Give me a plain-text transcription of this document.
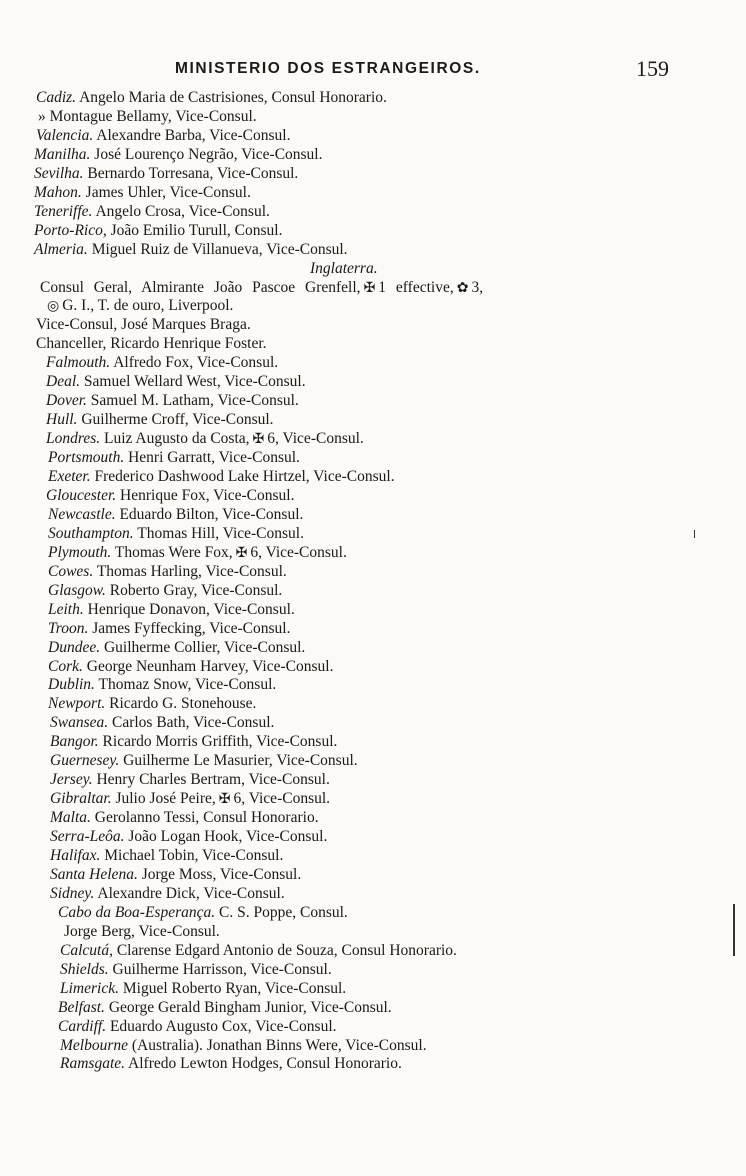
MINISTERIO DOS ESTRANGEIROS.	159
Cadiz. Angelo Maria de Castrisiones, Consul Honorario.
» Montague Bellamy, Vice-Consul.
Valencia. Alexandre Barba, Vice-Consul.
Manilha. José Lourenço Negrão, Vice-Consul.
Sevilha. Bernardo Torresana, Vice-Consul.
Mahon. James Uhler, Vice-Consul.
Teneriffe. Angelo Crosa, Vice-Consul.
Porto-Rico, João Emilio Turull, Consul.
Almeria. Miguel Ruiz de Villanueva, Vice-Consul.
Inglaterra.
Consul Geral, Almirante João Pascoe Grenfell, ✠ 1 effective, ✿ 3,
◎ G. I., T. de ouro, Liverpool.
Vice-Consul, José Marques Braga.
Chanceller, Ricardo Henrique Foster.
Falmouth. Alfredo Fox, Vice-Consul.
Deal. Samuel Wellard West, Vice-Consul.
Dover. Samuel M. Latham, Vice-Consul.
Hull. Guilherme Croff, Vice-Consul.
Londres. Luiz Augusto da Costa, ✠ 6, Vice-Consul.
Portsmouth. Henri Garratt, Vice-Consul.
Exeter. Frederico Dashwood Lake Hirtzel, Vice-Consul.
Gloucester. Henrique Fox, Vice-Consul.
Newcastle. Eduardo Bilton, Vice-Consul.
Southampton. Thomas Hill, Vice-Consul.
Plymouth. Thomas Were Fox, ✠ 6, Vice-Consul.
Cowes. Thomas Harling, Vice-Consul.
Glasgow. Roberto Gray, Vice-Consul.
Leith. Henrique Donavon, Vice-Consul.
Troon. James Fyffecking, Vice-Consul.
Dundee. Guilherme Collier, Vice-Consul.
Cork. George Neunham Harvey, Vice-Consul.
Dublin. Thomaz Snow, Vice-Consul.
Newport. Ricardo G. Stonehouse.
Swansea. Carlos Bath, Vice-Consul.
Bangor. Ricardo Morris Griffith, Vice-Consul.
Guernesey. Guilherme Le Masurier, Vice-Consul.
Jersey. Henry Charles Bertram, Vice-Consul.
Gibraltar. Julio José Peire, ✠ 6, Vice-Consul.
Malta. Gerolanno Tessi, Consul Honorario.
Serra-Leôa. João Logan Hook, Vice-Consul.
Halifax. Michael Tobin, Vice-Consul.
Santa Helena. Jorge Moss, Vice-Consul.
Sidney. Alexandre Dick, Vice-Consul.
Cabo da Boa-Esperança. C. S. Poppe, Consul.
Jorge Berg, Vice-Consul.
Calcutá, Clarense Edgard Antonio de Souza, Consul Honorario.
Shields. Guilherme Harrisson, Vice-Consul.
Limerick. Miguel Roberto Ryan, Vice-Consul.
Belfast. George Gerald Bingham Junior, Vice-Consul.
Cardiff. Eduardo Augusto Cox, Vice-Consul.
Melbourne (Australia). Jonathan Binns Were, Vice-Consul.
Ramsgate. Alfredo Lewton Hodges, Consul Honorario.
